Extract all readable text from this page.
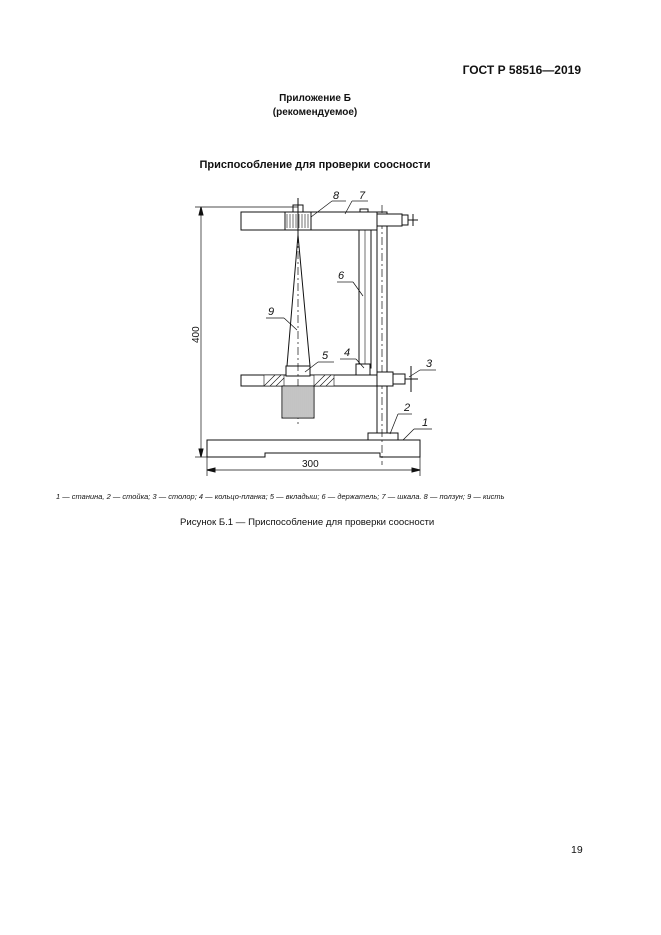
ГОСТ Р 58516—2019
Приложение Б
(рекомендуемое)
Приспособление для проверки соосности
8 7
6
9
5 4
3
2
1
400
300
1 — станина, 2 — стойка; 3 — столор; 4 — кольцо-планка; 5 — вкладыш; 6 — держатель; 7 — шкала. 8 — ползун; 9 — кисть
Рисунок Б.1 — Приспособление для проверки соосности
19
